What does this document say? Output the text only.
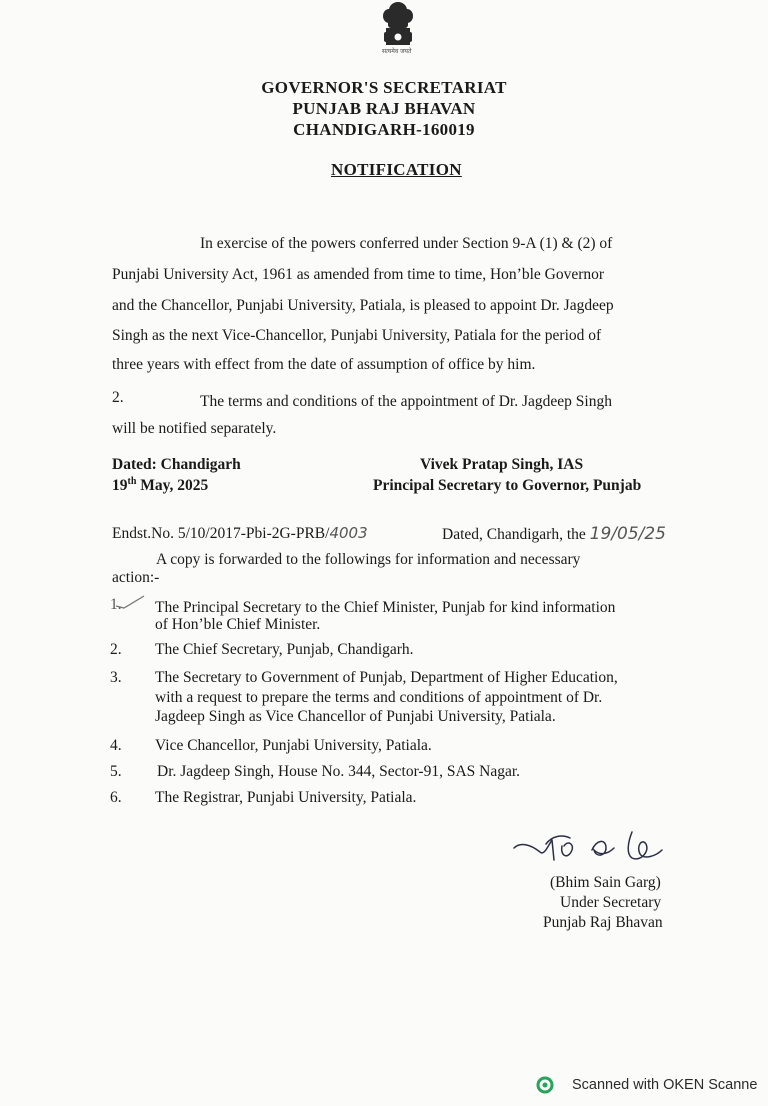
सत्यमेव जयते
GOVERNOR'S SECRETARIAT
PUNJAB RAJ BHAVAN
CHANDIGARH-160019
NOTIFICATION
In exercise of the powers conferred under Section 9-A (1) & (2) of
Punjabi University Act, 1961 as amended from time to time, Hon’ble Governor
and the Chancellor, Punjabi University, Patiala, is pleased to appoint Dr. Jagdeep
Singh as the next Vice-Chancellor, Punjabi University, Patiala for the period of
three years with effect from the date of assumption of office by him.
2.	The terms and conditions of the appointment of Dr. Jagdeep Singh
will be notified separately.
Dated: Chandigarh
19th May, 2025
Vivek Pratap Singh, IAS
Principal Secretary to Governor, Punjab
Endst.No. 5/10/2017-Pbi-2G-PRB/4003	Dated, Chandigarh, the 19/05/25
A copy is forwarded to the followings for information and necessary
action:-
1. The Principal Secretary to the Chief Minister, Punjab for kind information
of Hon’ble Chief Minister.
2. The Chief Secretary, Punjab, Chandigarh.
3. The Secretary to Government of Punjab, Department of Higher Education,
with a request to prepare the terms and conditions of appointment of Dr.
Jagdeep Singh as Vice Chancellor of Punjabi University, Patiala.
4. Vice Chancellor, Punjabi University, Patiala.
5. Dr. Jagdeep Singh, House No. 344, Sector-91, SAS Nagar.
6. The Registrar, Punjabi University, Patiala.
(Bhim Sain Garg)
Under Secretary
Punjab Raj Bhavan
Scanned with OKEN Scanne
